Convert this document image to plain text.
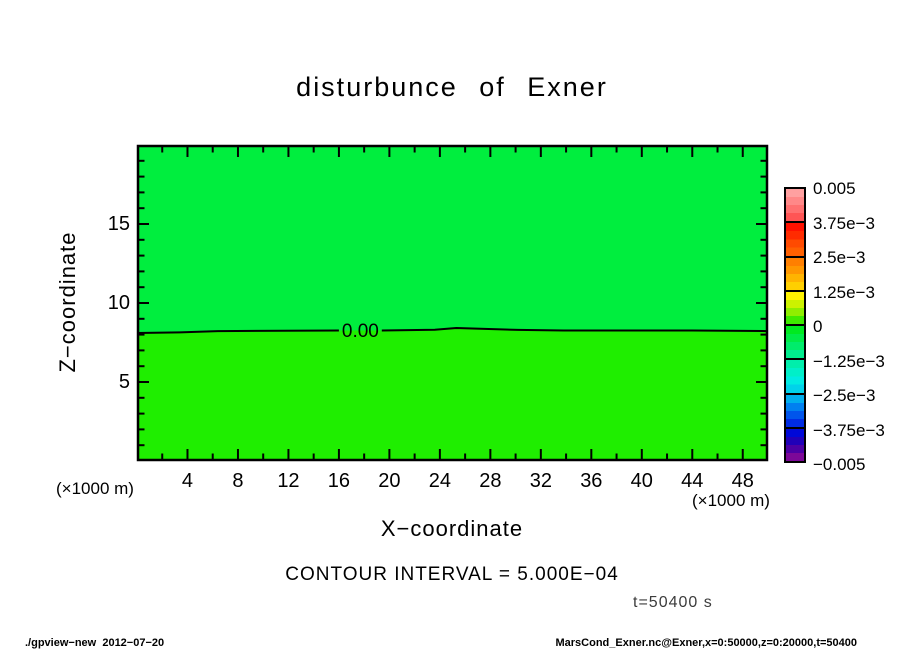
disturbunce of Exner
0.00
Z−coordinate
X−coordinate
(×1000 m)
(×1000 m)
CONTOUR INTERVAL = 5.000E−04
t=50400 s
./gpview−new  2012−07−20	MarsCond_Exner.nc@Exner,x=0:50000,z=0:20000,t=50400
4	8	12	16	20	24	28	32	36	40	44	48
5
10
15
0.005
3.75e−3
2.5e−3
1.25e−3
0
−1.25e−3
−2.5e−3
−3.75e−3
−0.005
